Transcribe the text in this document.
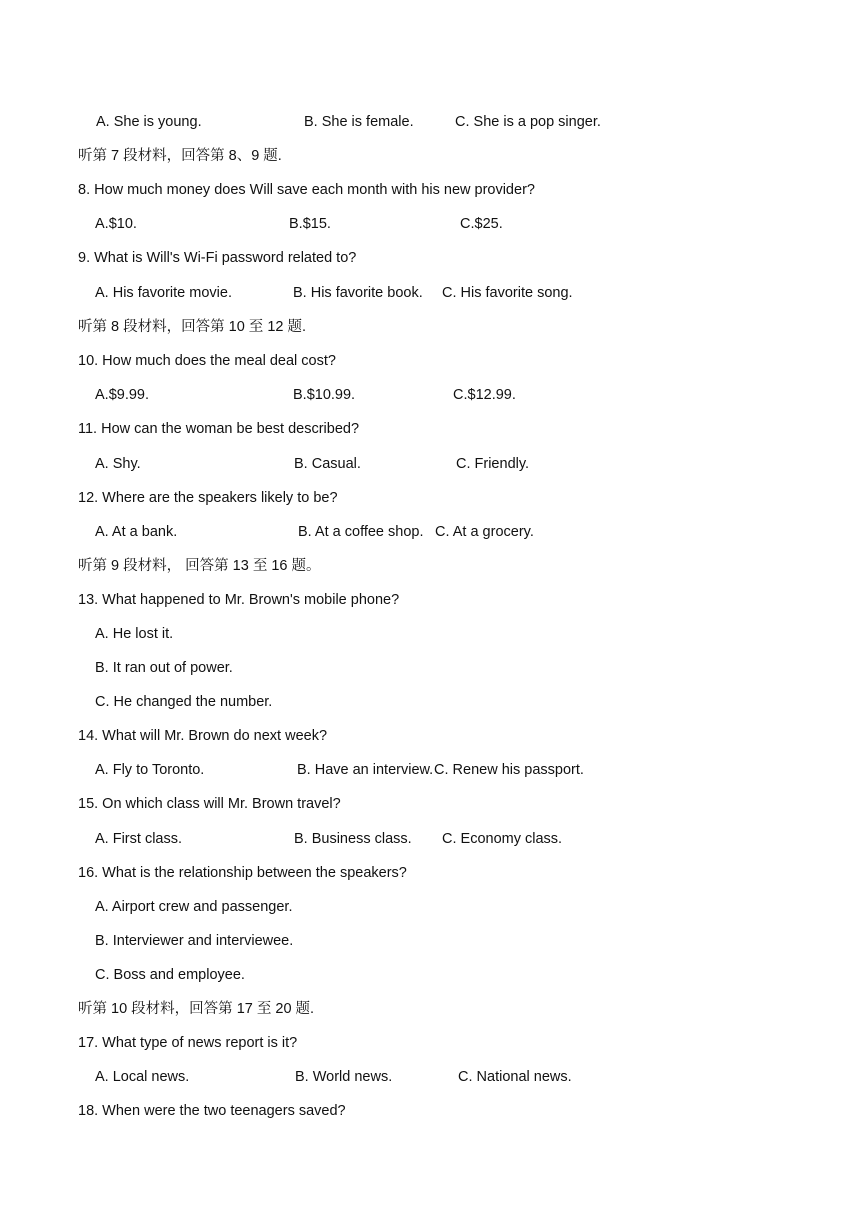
A. She is young.	B. She is female.	C. She is a pop singer.
听第 7 段材料，回答第 8、9 题.
8. How much money does Will save each month with his new provider?
A.$10.	B.$15.	C.$25.
9. What is Will's Wi-Fi password related to?
A. His favorite movie.	B. His favorite book. C. His favorite song.
听第 8 段材料，回答第 10 至 12 题.
10. How much does the meal deal cost?
A.$9.99.	B.$10.99.	C.$12.99.
11. How can the woman be best described?
A. Shy.	B. Casual.	C. Friendly.
12. Where are the speakers likely to be?
A. At a bank.	B. At a coffee shop. C. At a grocery.
听第 9 段材料， 回答第 13 至 16 题。
13. What happened to Mr. Brown's mobile phone?
A. He lost it.
B. It ran out of power.
C. He changed the number.
14. What will Mr. Brown do next week?
A. Fly to Toronto.	B. Have an interview. C. Renew his passport.
15. On which class will Mr. Brown travel?
A. First class.	B. Business class. C. Economy class.
16. What is the relationship between the speakers?
A. Airport crew and passenger.
B. Interviewer and interviewee.
C. Boss and employee.
听第 10 段材料，回答第 17 至 20 题.
17. What type of news report is it?
A. Local news.	B. World news.	C. National news.
18. When were the two teenagers saved?
